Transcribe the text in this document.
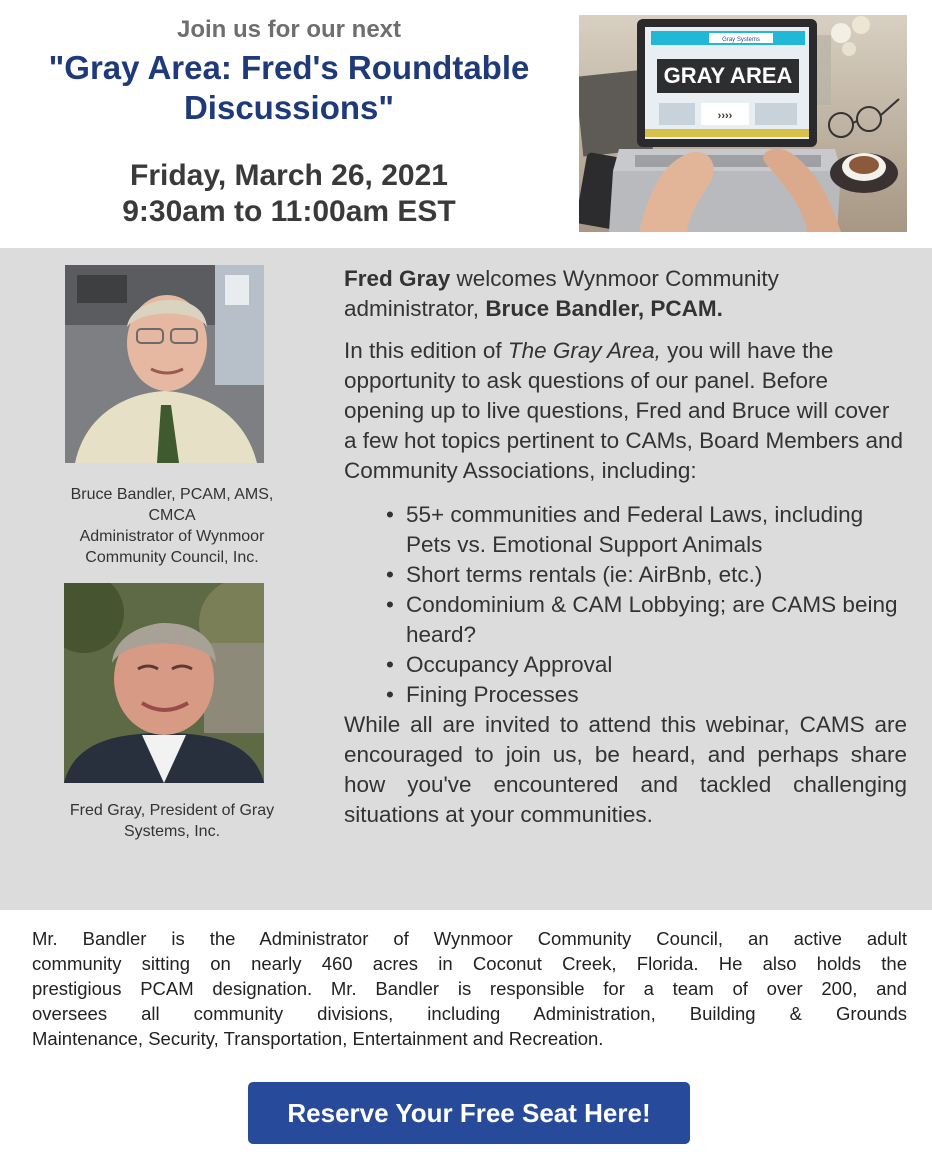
Join us for our next
"Gray Area: Fred's Roundtable
Discussions"
Friday, March 26, 2021
9:30am to 11:00am EST
Gray Systems
GRAY AREA
››››
Bruce Bandler, PCAM, AMS,
CMCA
Administrator of Wynmoor
Community Council, Inc.
Fred Gray, President of Gray
Systems, Inc.

Fred Gray welcomes Wynmoor Community administrator, Bruce Bandler, PCAM.

In this edition of The Gray Area, you will have the opportunity to ask questions of our panel. Before opening up to live questions, Fred and Bruce will cover a few hot topics pertinent to CAMs, Board Members and Community Associations, including:

• 55+ communities and Federal Laws, including Pets vs. Emotional Support Animals
• Short terms rentals (ie: AirBnb, etc.)
• Condominium & CAM Lobbying; are CAMS being heard?
• Occupancy Approval
• Fining Processes

While all are invited to attend this webinar, CAMS are encouraged to join us, be heard, and perhaps share how you've encountered and tackled challenging situations at your communities.

Mr. Bandler is the Administrator of Wynmoor Community Council, an active adult
community sitting on nearly 460 acres in Coconut Creek, Florida. He also holds the
prestigious PCAM designation. Mr. Bandler is responsible for a team of over 200, and
oversees all community divisions, including Administration, Building & Grounds
Maintenance, Security, Transportation, Entertainment and Recreation.
Reserve Your Free Seat Here!
